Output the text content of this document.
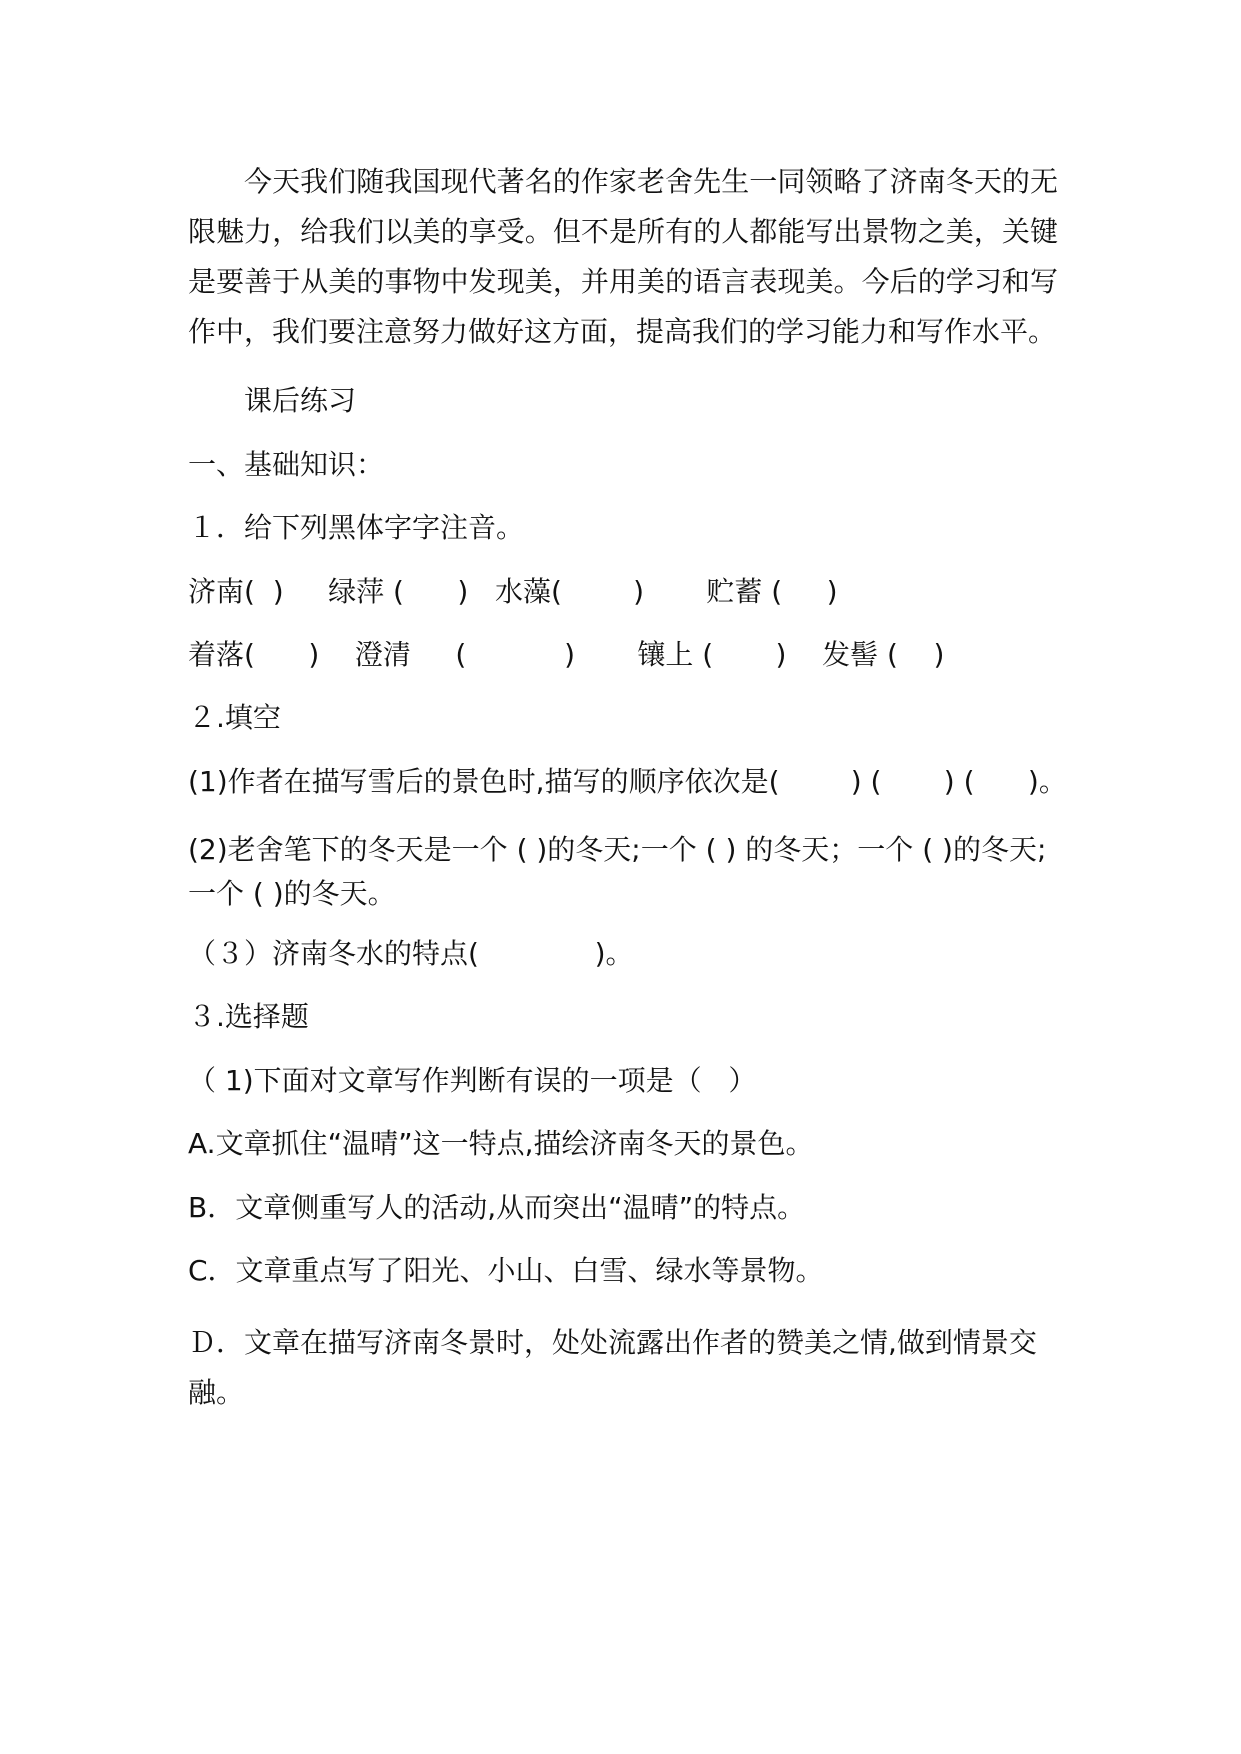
今天我们随我国现代著名的作家老舍先生一同领略了济南冬天的无限魅力，给我们以美的享受。但不是所有的人都能写出景物之美，关键是要善于从美的事物中发现美，并用美的语言表现美。今后的学习和写作中，我们要注意努力做好这方面，提高我们的学习能力和写作水平。
课后练习
一、基础知识：
１．给下列黑体字字注音。
济南(  )     绿萍 (      )   水藻(        )       贮蓄 (     )
着落(      )    澄清     (           )       镶上 (       )    发髻 (    )
２.填空
(1)作者在描写雪后的景色时,描写的顺序依次是(        ) (       ) (      )。
(2)老舍笔下的冬天是一个 ( )的冬天;一个 ( ) 的冬天；一个 ( )的冬天;一个 ( )的冬天。
（３）济南冬水的特点(             )。
３.选择题
（ 1)下面对文章写作判断有误的一项是（   ）
A.文章抓住“温晴”这一特点,描绘济南冬天的景色。
B．文章侧重写人的活动,从而突出“温晴”的特点。
C．文章重点写了阳光、小山、白雪、绿水等景物。
Ｄ．文章在描写济南冬景时，处处流露出作者的赞美之情,做到情景交融。
